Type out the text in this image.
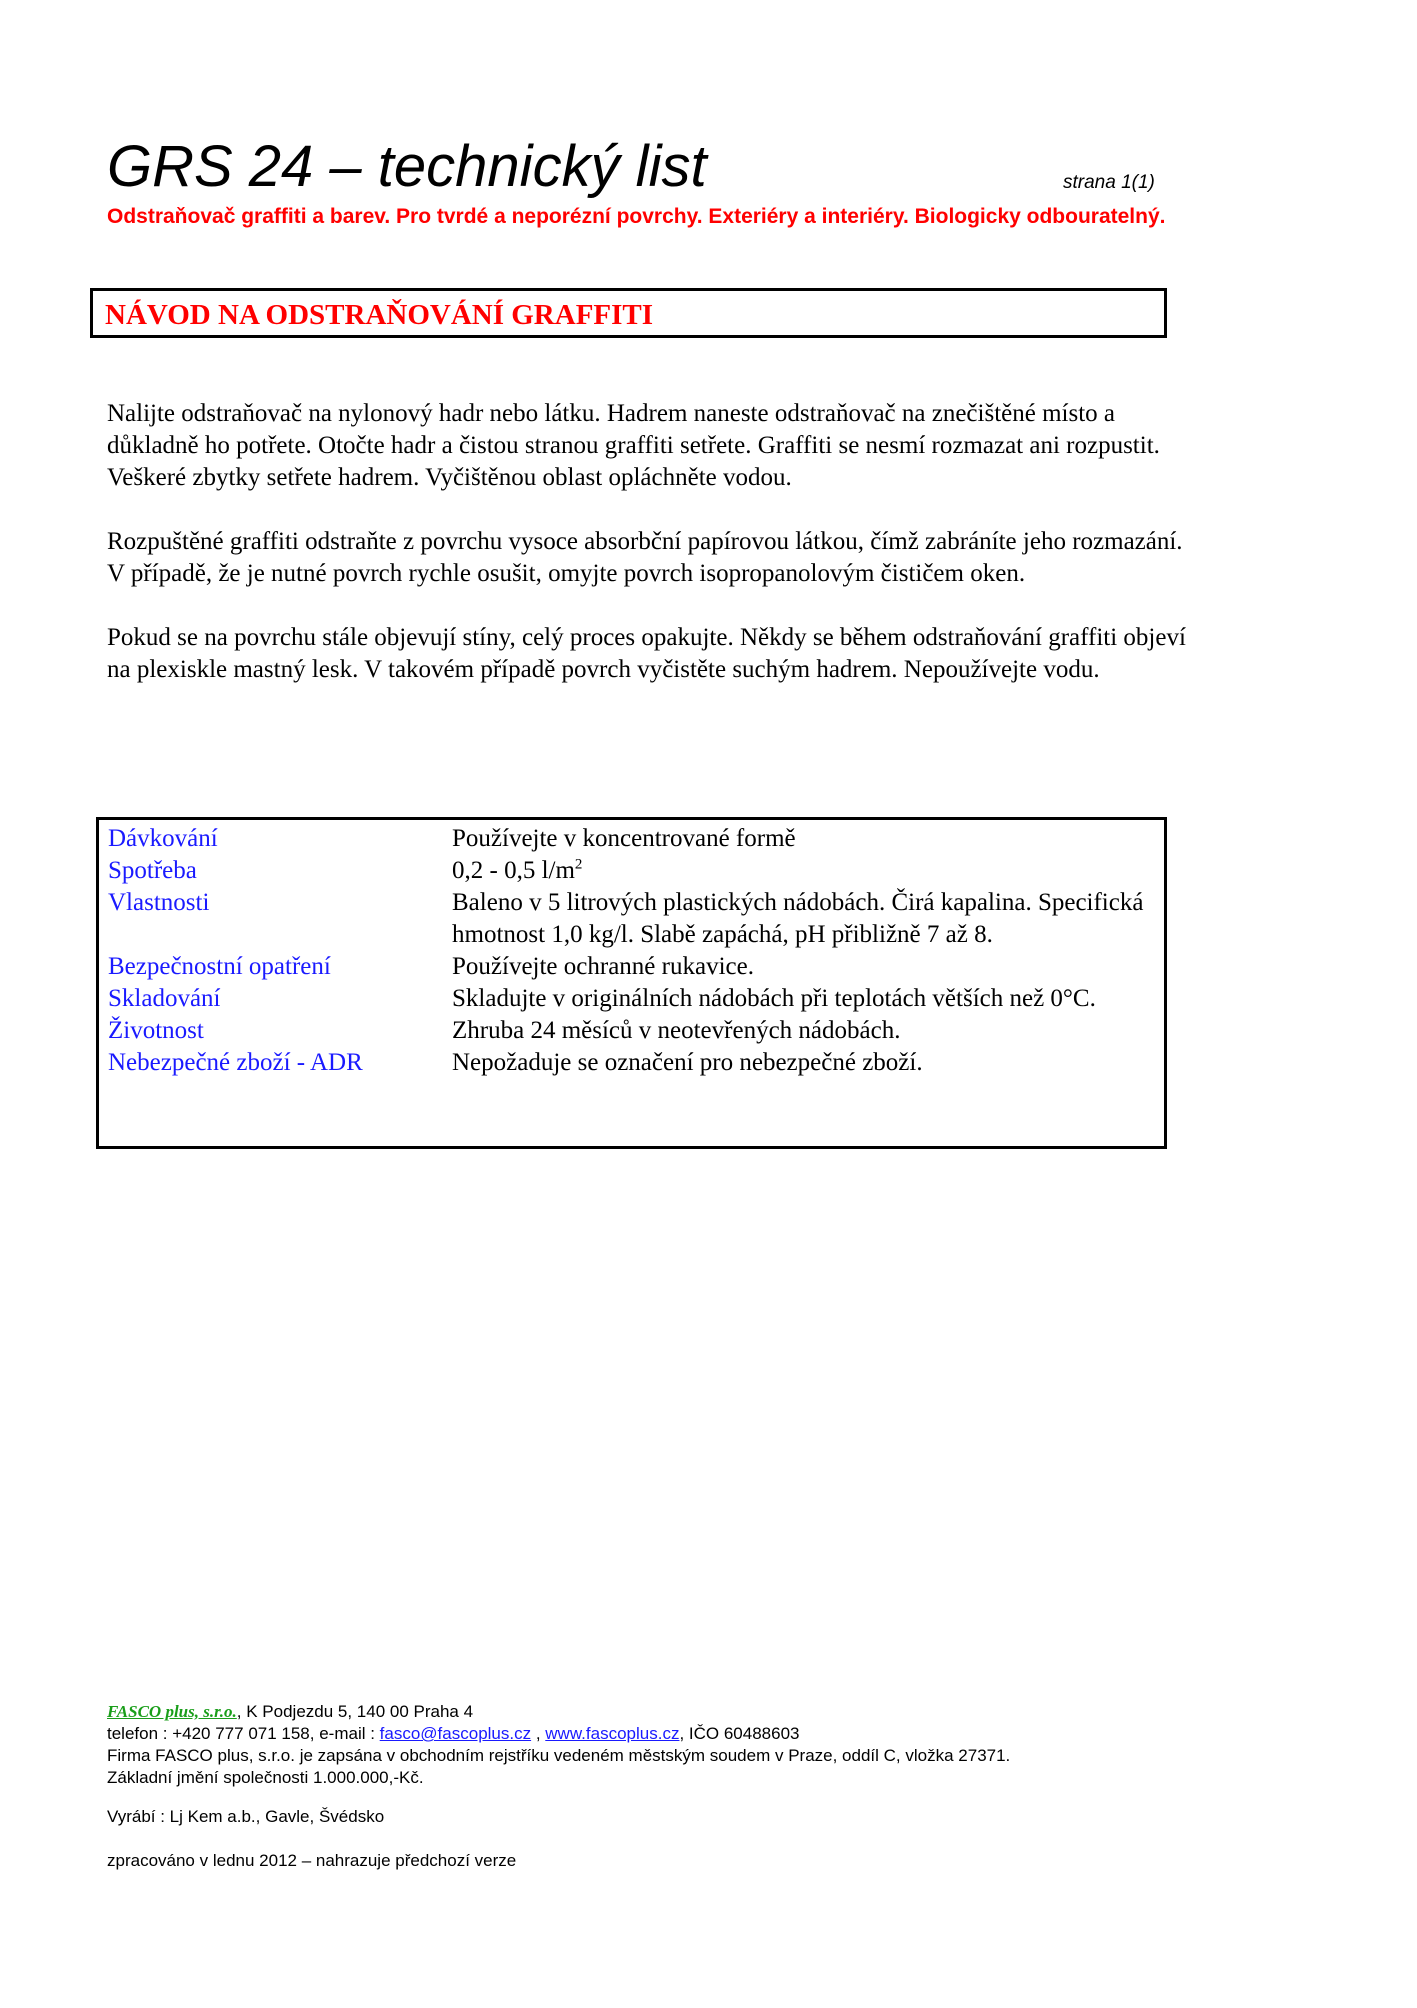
GRS 24 – technický list	strana 1(1)
Odstraňovač graffiti a barev. Pro tvrdé a neporézní povrchy. Exteriéry a interiéry. Biologicky odbouratelný.
NÁVOD NA ODSTRAŇOVÁNÍ GRAFFITI
Nalijte odstraňovač na nylonový hadr nebo látku. Hadrem naneste odstraňovač na znečištěné místo a
důkladně ho potřete. Otočte hadr a čistou stranou graffiti setřete. Graffiti se nesmí rozmazat ani rozpustit.
Veškeré zbytky setřete hadrem. Vyčištěnou oblast opláchněte vodou.
Rozpuštěné graffiti odstraňte z povrchu vysoce absorbční papírovou látkou, čímž zabráníte jeho rozmazání.
V případě, že je nutné povrch rychle osušit, omyjte povrch isopropanolovým čističem oken.
Pokud se na povrchu stále objevují stíny, celý proces opakujte. Někdy se během odstraňování graffiti objeví
na plexiskle mastný lesk. V takovém případě povrch vyčistěte suchým hadrem. Nepoužívejte vodu.
Dávkování	Používejte v koncentrované formě
Spotřeba	0,2 - 0,5 $l/m^2$
Vlastnosti	Baleno v 5 litrových plastických nádobách. Čirá kapalina. Specifická hmotnost 1,0 kg/l. Slabě zapáchá, pH přibližně 7 až 8.
Bezpečnostní opatření	Používejte ochranné rukavice.
Skladování	Skladujte v originálních nádobách při teplotách větších než 0°C.
Životnost	Zhruba 24 měsíců v neotevřených nádobách.
Nebezpečné zboží - ADR	Nepožaduje se označení pro nebezpečné zboží.
FASCO plus, s.r.o., K Podjezdu 5, 140 00 Praha 4
telefon : +420 777 071 158, e-mail : fasco@fascoplus.cz , www.fascoplus.cz, IČO 60488603
Firma FASCO plus, s.r.o. je zapsána v obchodním rejstříku vedeném městským soudem v Praze, oddíl C, vložka 27371.
Základní jmění společnosti 1.000.000,-Kč.
Vyrábí : Lj Kem a.b., Gavle, Švédsko
zpracováno v lednu 2012 – nahrazuje předchozí verze
